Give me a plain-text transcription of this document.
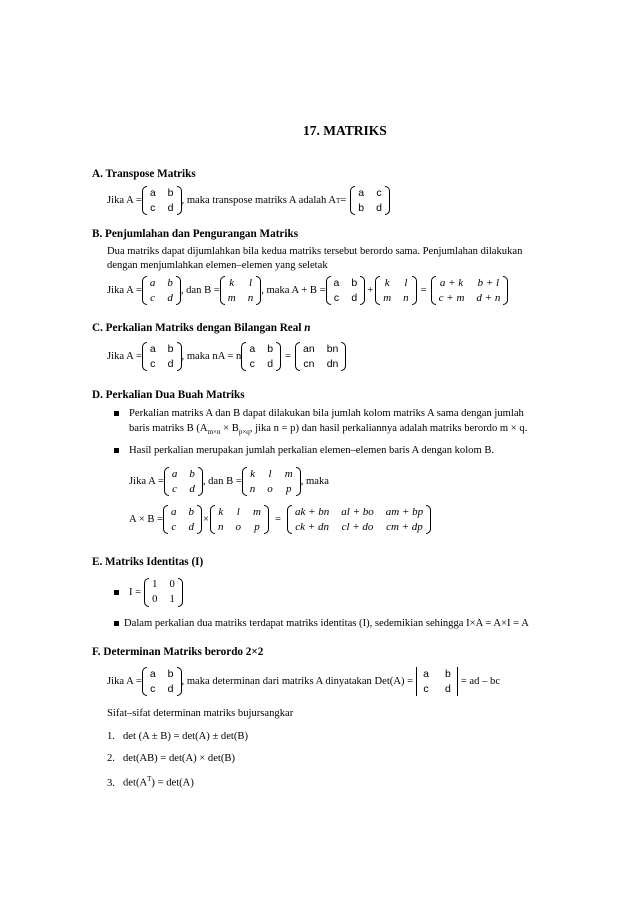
17. MATRIKS
A. Transpose Matriks
Jika A =
a b
c d
, maka transpose matriks A adalah A T =
a c
b d
B. Penjumlahan dan Pengurangan Matriks
Dua matriks dapat dijumlahkan bila kedua matriks tersebut berordo sama. Penjumlahan dilakukan
dengan menjumlahkan elemen–elemen yang seletak
Jika A =
a b
c d
, dan B =
k l
m n
, maka A + B =
a b
c d
+
k l
m n
=
a + k b + l
c + m d + n
C. Perkalian Matriks dengan Bilangan Real n
Jika A =
a b
c d
, maka nA = n
a b
c d
=
an bn
cn dn
D. Perkalian Dua Buah Matriks
Perkalian matriks A dan B dapat dilakukan bila jumlah kolom matriks A sama dengan jumlah
baris matriks B ($A_{m\times n} \times B_{p\times q}$, jika n = p) dan hasil perkaliannya adalah matriks berordo m × q.
Hasil perkalian merupakan jumlah perkalian elemen–elemen baris A dengan kolom B.
Jika A =
a b
c d
, dan B =
k l m
n o p
, maka
A × B =
a b
c d
×
k l m
n o p
=
ak + bn al + bo am + bp
ck + dn cl + do cm + dp
E. Matriks Identitas (I)
I =
1 0
0 1
Dalam perkalian dua matriks terdapat matriks identitas (I), sedemikian sehingga I×A = A×I = A
F. Determinan Matriks berordo 2×2
Jika A =
a b
c d
, maka determinan dari matriks A dinyatakan Det(A) =
a b
c d
= ad – bc
Sifat–sifat determinan matriks bujursangkar
1. det (A ± B) = det(A) ± det(B)
2. det(AB) = det(A) × det(B)
3. $\det(A^T) = \det(A)$
